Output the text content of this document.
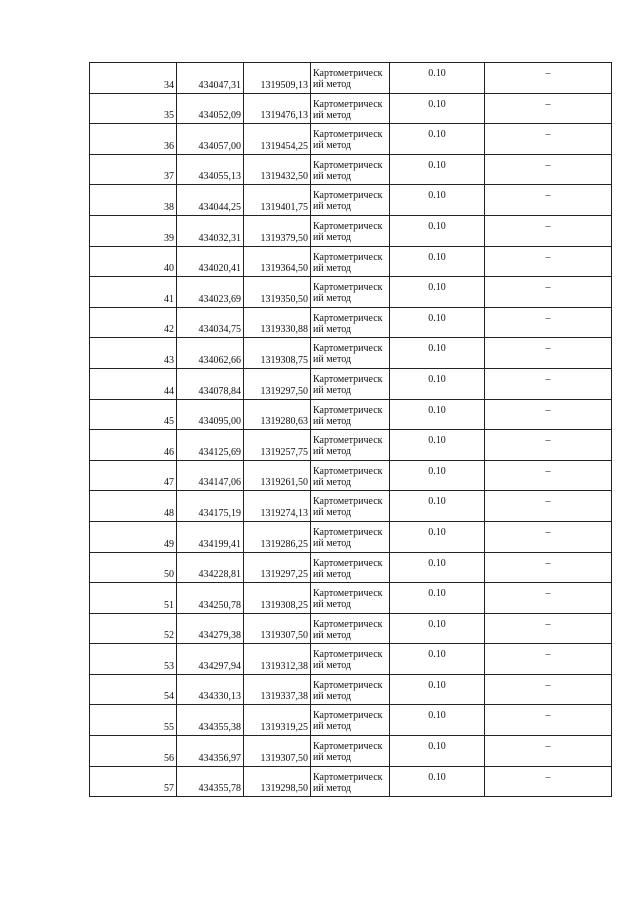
34	434047,31	1319509,13	Картометрический метод	0.10	–
35	434052,09	1319476,13	Картометрический метод	0.10	–
36	434057,00	1319454,25	Картометрический метод	0.10	–
37	434055,13	1319432,50	Картометрический метод	0.10	–
38	434044,25	1319401,75	Картометрический метод	0.10	–
39	434032,31	1319379,50	Картометрический метод	0.10	–
40	434020,41	1319364,50	Картометрический метод	0.10	–
41	434023,69	1319350,50	Картометрический метод	0.10	–
42	434034,75	1319330,88	Картометрический метод	0.10	–
43	434062,66	1319308,75	Картометрический метод	0.10	–
44	434078,84	1319297,50	Картометрический метод	0.10	–
45	434095,00	1319280,63	Картометрический метод	0.10	–
46	434125,69	1319257,75	Картометрический метод	0.10	–
47	434147,06	1319261,50	Картометрический метод	0.10	–
48	434175,19	1319274,13	Картометрический метод	0.10	–
49	434199,41	1319286,25	Картометрический метод	0.10	–
50	434228,81	1319297,25	Картометрический метод	0.10	–
51	434250,78	1319308,25	Картометрический метод	0.10	–
52	434279,38	1319307,50	Картометрический метод	0.10	–
53	434297,94	1319312,38	Картометрический метод	0.10	–
54	434330,13	1319337,38	Картометрический метод	0.10	–
55	434355,38	1319319,25	Картометрический метод	0.10	–
56	434356,97	1319307,50	Картометрический метод	0.10	–
57	434355,78	1319298,50	Картометрический метод	0.10	–
